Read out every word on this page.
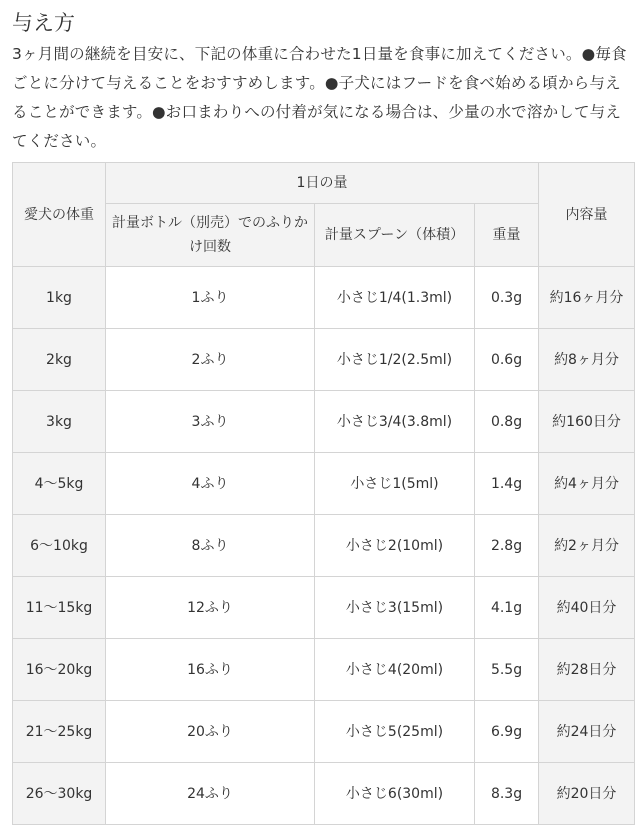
与え方
3ヶ月間の継続を目安に、下記の体重に合わせた1日量を食事に加えてください。●毎食ごとに分けて与えることをおすすめします。●子犬にはフードを食べ始める頃から与えることができます。●お口まわりへの付着が気になる場合は、少量の水で溶かして与えてください。
愛犬の体重	1日の量			内容量
	計量ボトル（別売）でのふりかけ回数	計量スプーン（体積）	重量	
1kg	1ふり	小さじ1/4(1.3ml)	0.3g	約16ヶ月分
2kg	2ふり	小さじ1/2(2.5ml)	0.6g	約8ヶ月分
3kg	3ふり	小さじ3/4(3.8ml)	0.8g	約160日分
4～5kg	4ふり	小さじ1(5ml)	1.4g	約4ヶ月分
6～10kg	8ふり	小さじ2(10ml)	2.8g	約2ヶ月分
11～15kg	12ふり	小さじ3(15ml)	4.1g	約40日分
16～20kg	16ふり	小さじ4(20ml)	5.5g	約28日分
21～25kg	20ふり	小さじ5(25ml)	6.9g	約24日分
26～30kg	24ふり	小さじ6(30ml)	8.3g	約20日分
